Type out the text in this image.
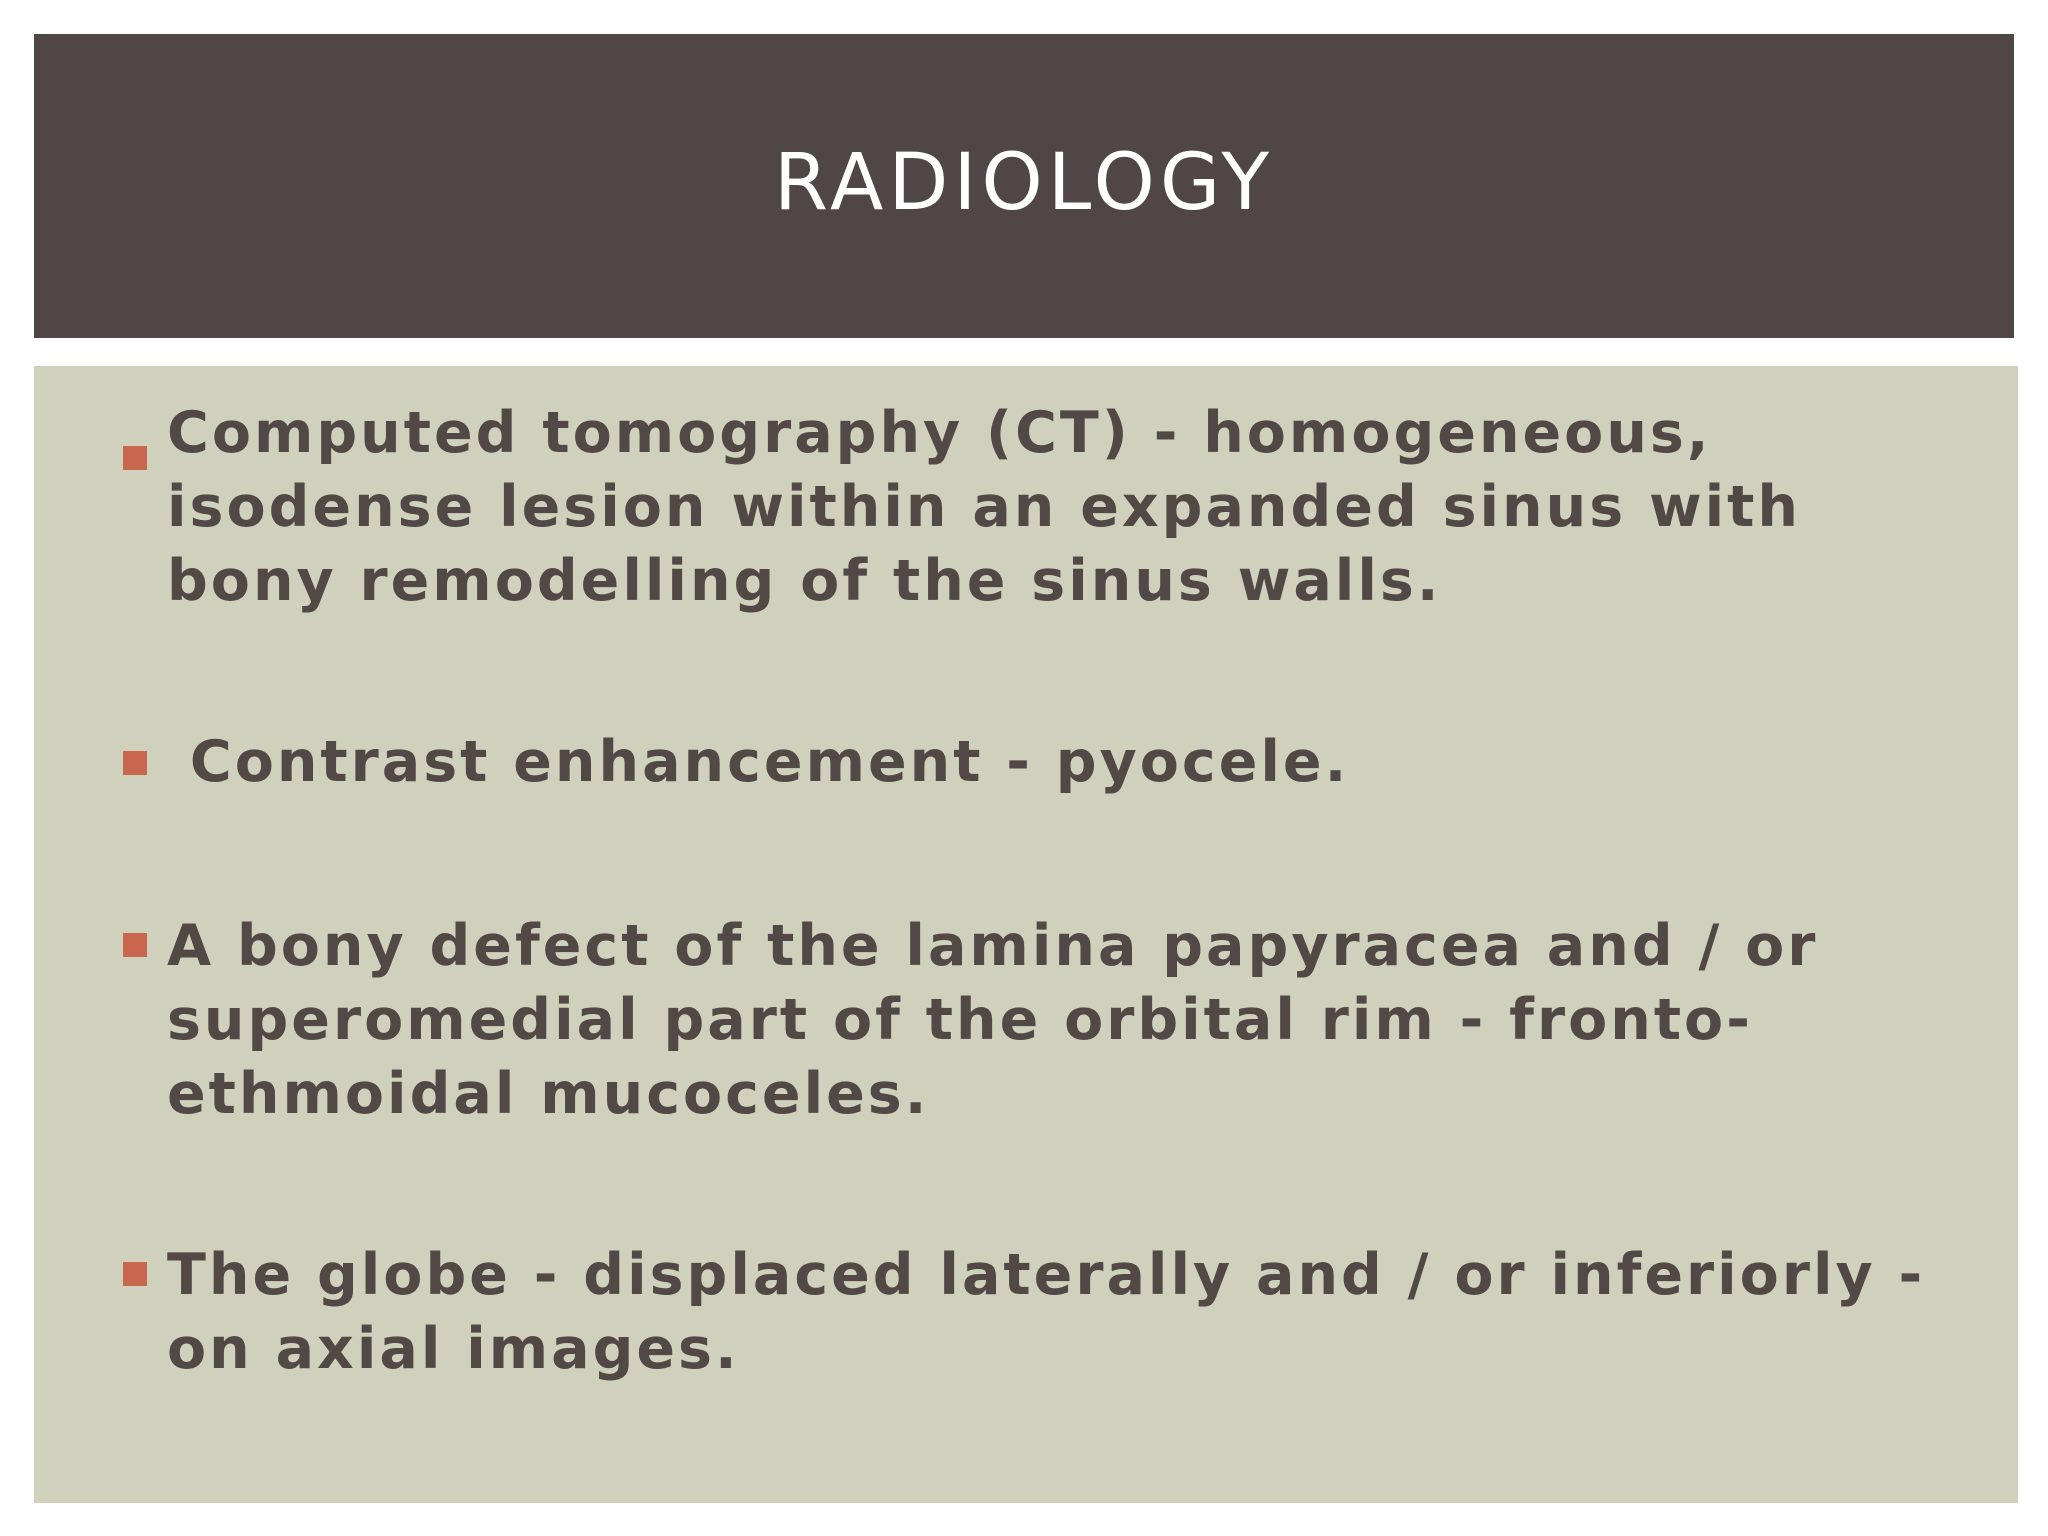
RADIOLOGY

Computed tomography (CT) - homogeneous, isodense lesion within an expanded sinus with bony remodelling of the sinus walls.

Contrast enhancement - pyocele.

A bony defect of the lamina papyracea and / or superomedial part of the orbital rim - fronto-ethmoidal mucoceles.

The globe - displaced laterally and / or inferiorly - on axial images.
